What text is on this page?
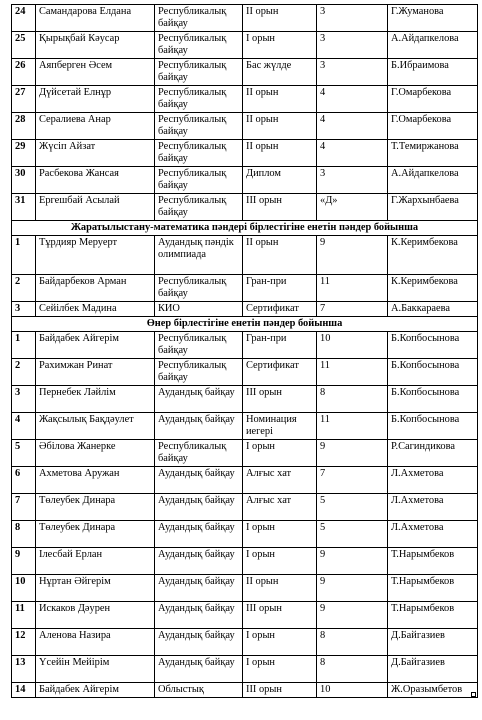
24	Самандарова Елдана	Республикалық байқау	II орын	3	Г.Жуманова
25	Қырықбай Кәусар	Республикалық байқау	I орын	3	А.Айдапкелова
26	Аяпберген Әсем	Республикалық байқау	Бас жүлде	3	Б.Ибраимова
27	Дүйсетай Елнұр	Республикалық байқау	II орын	4	Г.Омарбекова
28	Сералиева Анар	Республикалық байқау	II орын	4	Г.Омарбекова
29	Жүсіп Айзат	Республикалық байқау	II орын	4	Т.Темиржанова
30	Расбекова Жансая	Республикалық байқау	Диплом	3	А.Айдапкелова
31	Ергешбай Асылай	Республикалық байқау	III орын	«Д»	Г.Жархынбаева
Жаратылыстану-математика пәндері бірлестігіне енетін пәндер бойынша					
1	Тұрдияр Меруерт	Аудандық пәндік олимпиада	II орын	9	К.Керимбекова
2	Байдарбеков Арман	Республикалық байқау	Гран-при	11	К.Керимбекова
3	Сейілбек Мадина	КИО	Сертификат	7	А.Баккараева
Өнер бірлестігіне енетін пәндер бойынша					
1	Байдабек Айгерім	Республикалық байқау	Гран-при	10	Б.Копбосынова
2	Рахимжан Ринат	Республикалық байқау	Сертификат	11	Б.Копбосынова
3	Пернебек Ләйлім	Аудандық байқау	III орын	8	Б.Копбосынова
4	Жақсылық Бақдәулет	Аудандық байқау	Номинация иегері	11	Б.Копбосынова
5	Әбілова Жанерке	Республикалық байқау	I орын	9	Р.Сагиндикова
6	Ахметова Аружан	Аудандық байқау	Алғыс хат	7	Л.Ахметова
7	Төлеубек Динара	Аудандық байқау	Алғыс хат	5	Л.Ахметова
8	Төлеубек Динара	Аудандық байқау	I орын	5	Л.Ахметова
9	Ілесбай Ерлан	Аудандық байқау	I орын	9	Т.Нарымбеков
10	Нұртан Әйгерім	Аудандық байқау	II орын	9	Т.Нарымбеков
11	Искаков Дәурен	Аудандық байқау	III орын	9	Т.Нарымбеков
12	Аленова Назира	Аудандық байқау	I орын	8	Д.Байгазиев
13	Үсейін Мейірім	Аудандық байқау	I орын	8	Д.Байгазиев
14	Байдабек Айгерім	Облыстық	III орын	10	Ж.Оразымбетов
